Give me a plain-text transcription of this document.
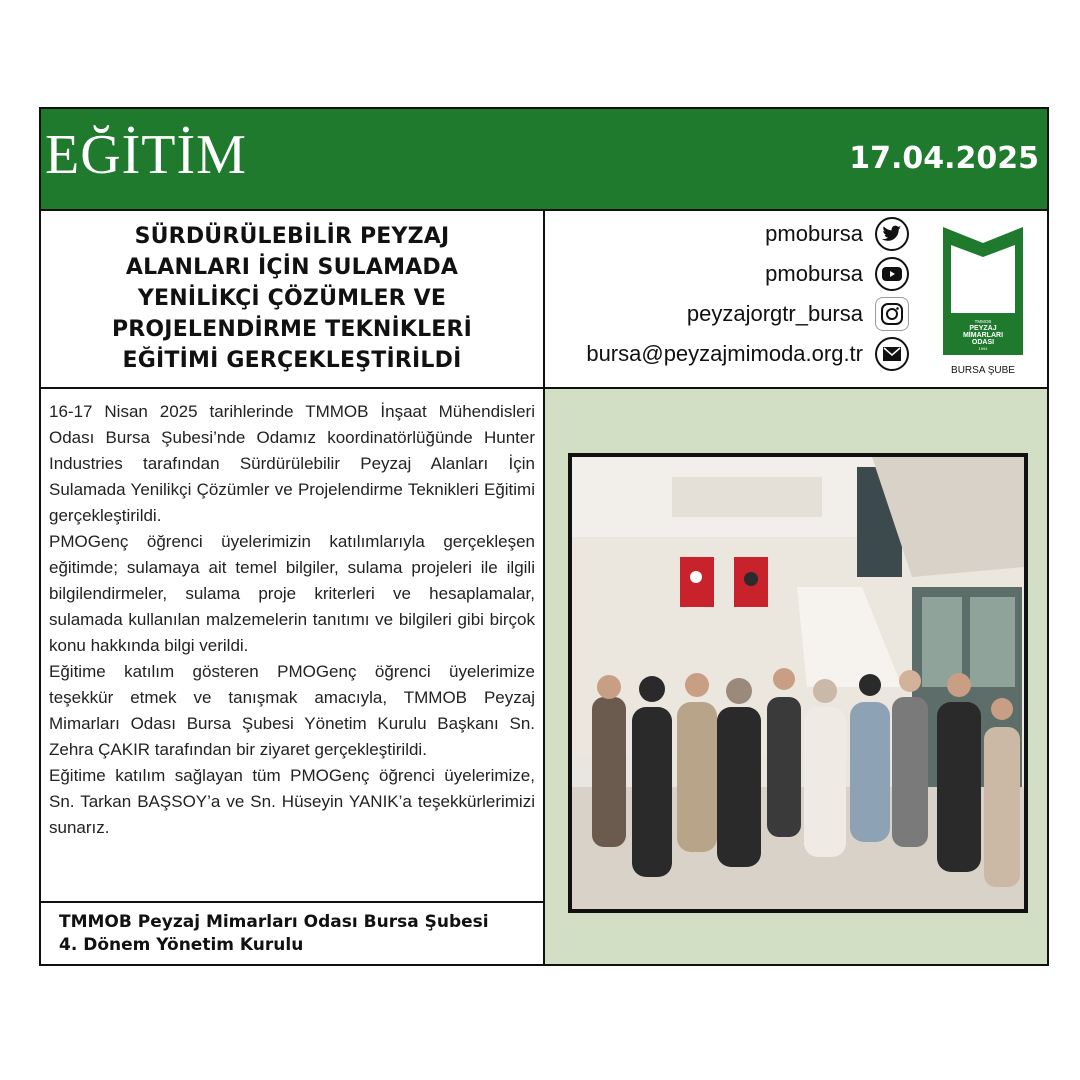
EĞİTİM	17.04.2025
SÜRDÜRÜLEBİLİR PEYZAJ ALANLARI İÇİN SULAMADA YENİLİKÇİ ÇÖZÜMLER VE PROJELENDİRME TEKNİKLERİ EĞİTİMİ GERÇEKLEŞTİRİLDİ
pmobursa
pmobursa
peyzajorgtr_bursa
bursa@peyzajmimoda.org.tr
TMMOB
PEYZAJ
MİMARLARI
ODASI
1994
BURSA ŞUBE

16-17 Nisan 2025 tarihlerinde TMMOB İnşaat Mühendisleri Odası Bursa Şubesi’nde Odamız koordinatörlüğünde Hunter Industries tarafından Sürdürülebilir Peyzaj Alanları İçin Sulamada Yenilikçi Çözümler ve Projelendirme Teknikleri Eğitimi gerçekleştirildi.

PMOGenç öğrenci üyelerimizin katılımlarıyla gerçekleşen eğitimde; sulamaya ait temel bilgiler, sulama projeleri ile ilgili bilgilendirmeler, sulama proje kriterleri ve hesaplamalar, sulamada kullanılan malzemelerin tanıtımı ve bilgileri gibi birçok konu hakkında bilgi verildi.

Eğitime katılım gösteren PMOGenç öğrenci üyelerimize teşekkür etmek ve tanışmak amacıyla, TMMOB Peyzaj Mimarları Odası Bursa Şubesi Yönetim Kurulu Başkanı Sn. Zehra ÇAKIR tarafından bir ziyaret gerçekleştirildi.

Eğitime katılım sağlayan tüm PMOGenç öğrenci üyelerimize, Sn. Tarkan BAŞSOY’a ve Sn. Hüseyin YANIK’a teşekkürlerimizi sunarız.

TMMOB Peyzaj Mimarları Odası Bursa Şubesi
4. Dönem Yönetim Kurulu
